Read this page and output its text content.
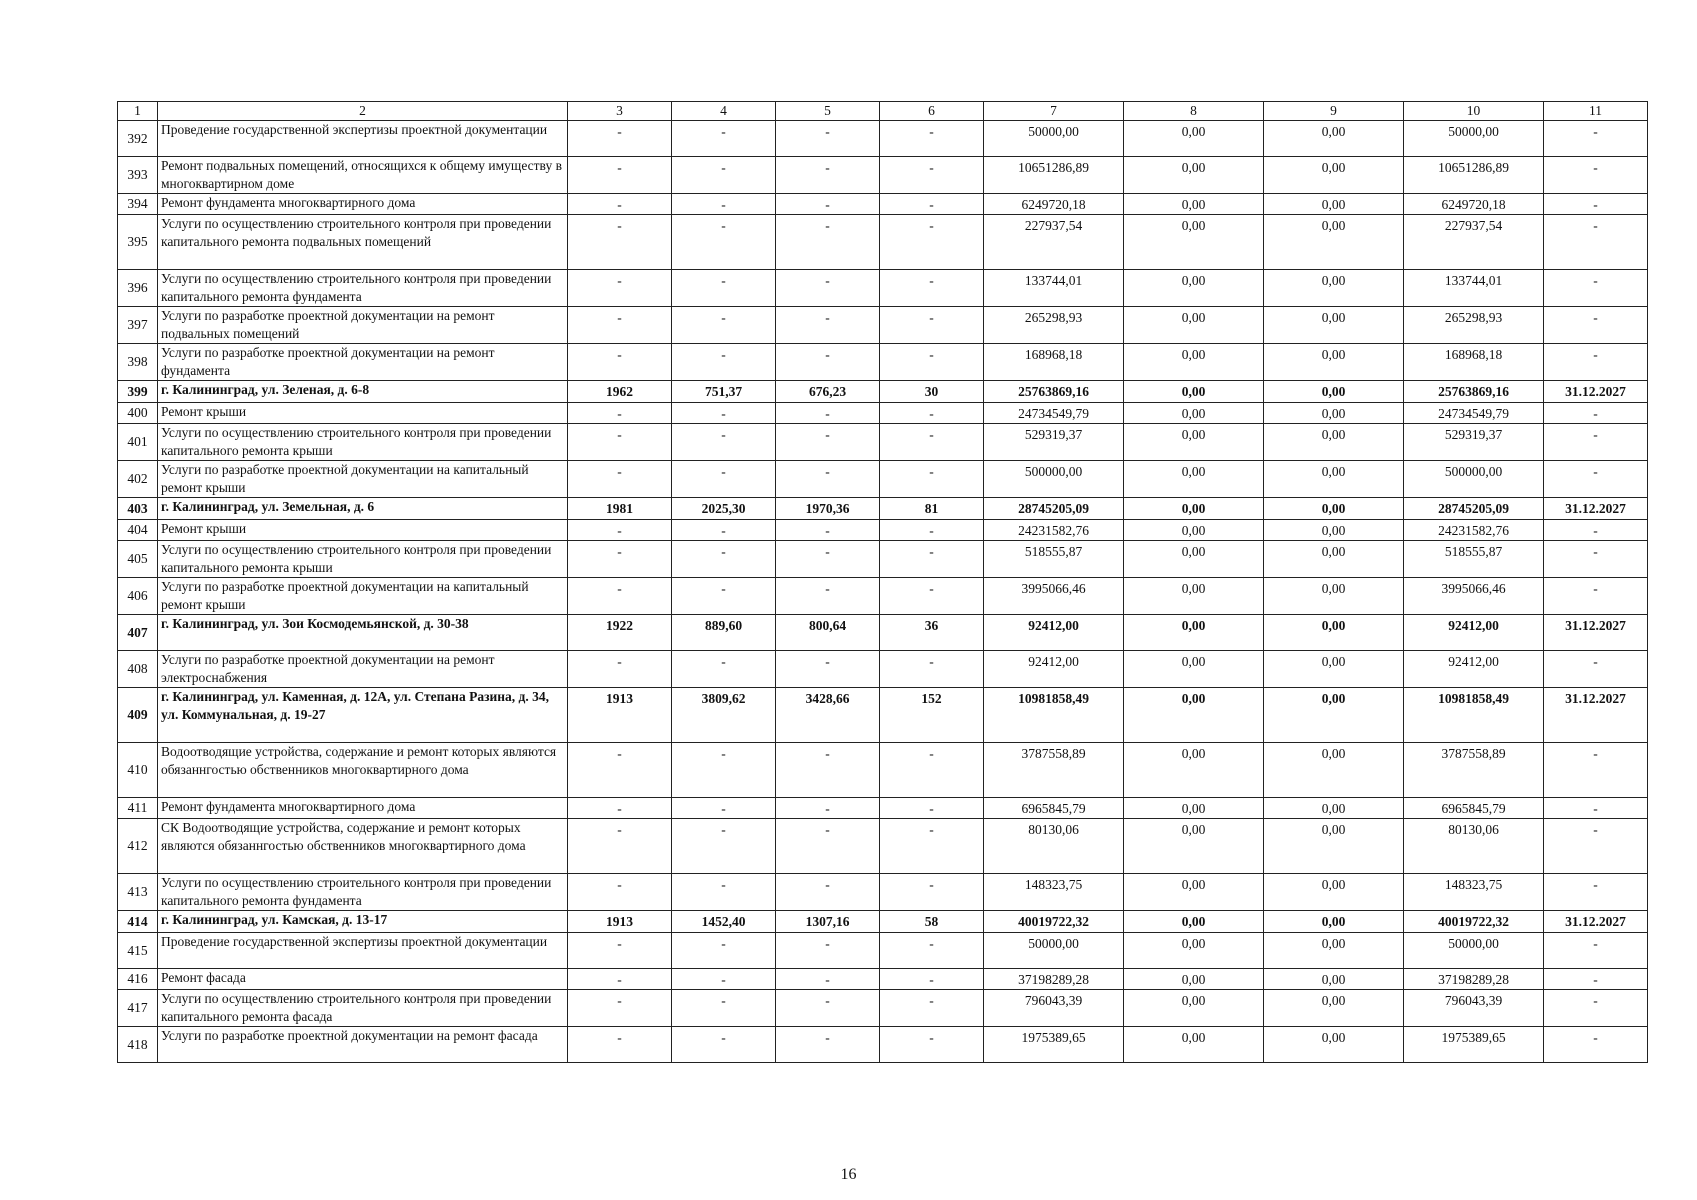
1	2	3	4	5	6	7	8	9	10	11
392	Проведение государственной экспертизы проектной документации	-	-	-	-	50000,00	0,00	0,00	50000,00	-
393	Ремонт подвальных помещений, относящихся к общему имуществу в многоквартирном доме	-	-	-	-	10651286,89	0,00	0,00	10651286,89	-
394	Ремонт фундамента многоквартирного дома	-	-	-	-	6249720,18	0,00	0,00	6249720,18	-
395	Услуги по осуществлению строительного контроля при проведении капитального ремонта подвальных помещений	-	-	-	-	227937,54	0,00	0,00	227937,54	-
396	Услуги по осуществлению строительного контроля при проведении капитального ремонта фундамента	-	-	-	-	133744,01	0,00	0,00	133744,01	-
397	Услуги по разработке проектной документации на ремонт подвальных помещений	-	-	-	-	265298,93	0,00	0,00	265298,93	-
398	Услуги по разработке проектной документации на ремонт фундамента	-	-	-	-	168968,18	0,00	0,00	168968,18	-
399	г. Калининград, ул. Зеленая, д. 6-8	1962	751,37	676,23	30	25763869,16	0,00	0,00	25763869,16	31.12.2027
400	Ремонт крыши	-	-	-	-	24734549,79	0,00	0,00	24734549,79	-
401	Услуги по осуществлению строительного контроля при проведении капитального ремонта крыши	-	-	-	-	529319,37	0,00	0,00	529319,37	-
402	Услуги по разработке проектной документации на капитальный ремонт крыши	-	-	-	-	500000,00	0,00	0,00	500000,00	-
403	г. Калининград, ул. Земельная, д. 6	1981	2025,30	1970,36	81	28745205,09	0,00	0,00	28745205,09	31.12.2027
404	Ремонт крыши	-	-	-	-	24231582,76	0,00	0,00	24231582,76	-
405	Услуги по осуществлению строительного контроля при проведении капитального ремонта крыши	-	-	-	-	518555,87	0,00	0,00	518555,87	-
406	Услуги по разработке проектной документации на капитальный ремонт крыши	-	-	-	-	3995066,46	0,00	0,00	3995066,46	-
407	г. Калининград, ул. Зои Космодемьянской, д. 30-38	1922	889,60	800,64	36	92412,00	0,00	0,00	92412,00	31.12.2027
408	Услуги по разработке проектной документации на ремонт электроснабжения	-	-	-	-	92412,00	0,00	0,00	92412,00	-
409	г. Калининград, ул. Каменная, д. 12А, ул. Степана Разина, д. 34, ул. Коммунальная, д. 19-27	1913	3809,62	3428,66	152	10981858,49	0,00	0,00	10981858,49	31.12.2027
410	Водоотводящие устройства, содержание и ремонт которых являются обязаннгостью обственников многоквартирного дома	-	-	-	-	3787558,89	0,00	0,00	3787558,89	-
411	Ремонт фундамента многоквартирного дома	-	-	-	-	6965845,79	0,00	0,00	6965845,79	-
412	СК Водоотводящие устройства, содержание и ремонт которых являются обязаннгостью обственников многоквартирного дома	-	-	-	-	80130,06	0,00	0,00	80130,06	-
413	Услуги по осуществлению строительного контроля при проведении капитального ремонта фундамента	-	-	-	-	148323,75	0,00	0,00	148323,75	-
414	г. Калининград, ул. Камская, д. 13-17	1913	1452,40	1307,16	58	40019722,32	0,00	0,00	40019722,32	31.12.2027
415	Проведение государственной экспертизы проектной документации	-	-	-	-	50000,00	0,00	0,00	50000,00	-
416	Ремонт фасада	-	-	-	-	37198289,28	0,00	0,00	37198289,28	-
417	Услуги по осуществлению строительного контроля при проведении капитального ремонта фасада	-	-	-	-	796043,39	0,00	0,00	796043,39	-
418	Услуги по разработке проектной документации на ремонт фасада	-	-	-	-	1975389,65	0,00	0,00	1975389,65	-
16
